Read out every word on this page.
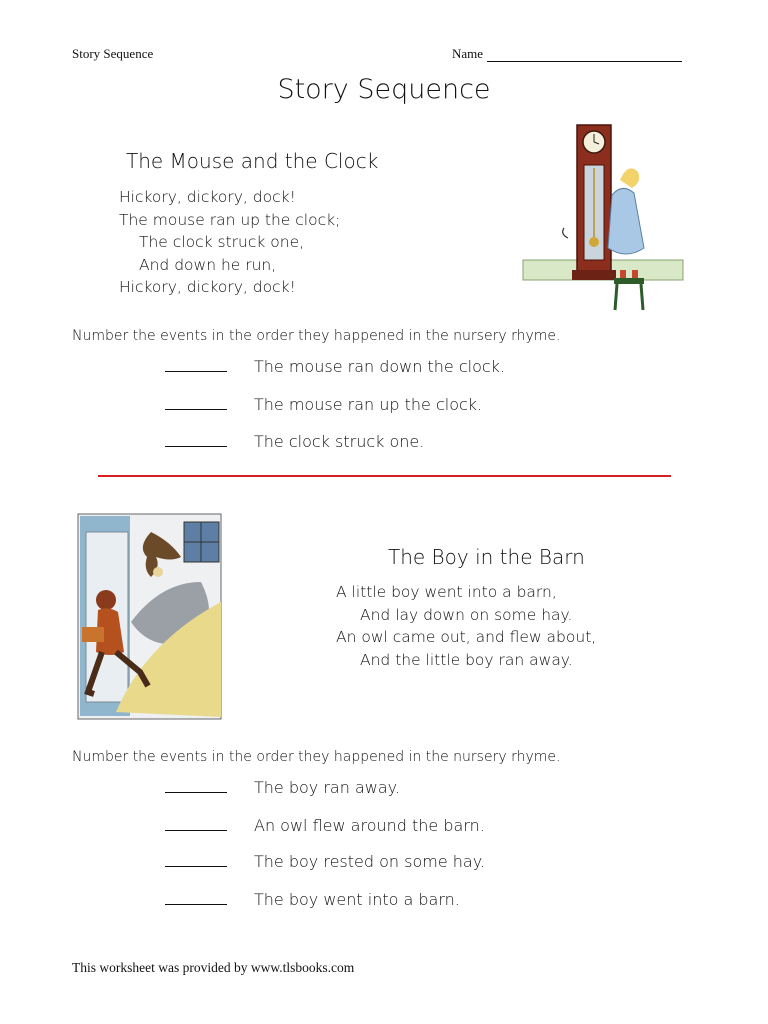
Story Sequence	Name
Story Sequence
The Mouse and the Clock
Hickory, dickory, dock!
The mouse ran up the clock;
The clock struck one,
And down he run,
Hickory, dickory, dock!
Number the events in the order they happened in the nursery rhyme.
The mouse ran down the clock.
The mouse ran up the clock.
The clock struck one.
The Boy in the Barn
A little boy went into a barn,
And lay down on some hay.
An owl came out, and flew about,
And the little boy ran away.
Number the events in the order they happened in the nursery rhyme.
The boy ran away.
An owl flew around the barn.
The boy rested on some hay.
The boy went into a barn.
This worksheet was provided by www.tlsbooks.com
